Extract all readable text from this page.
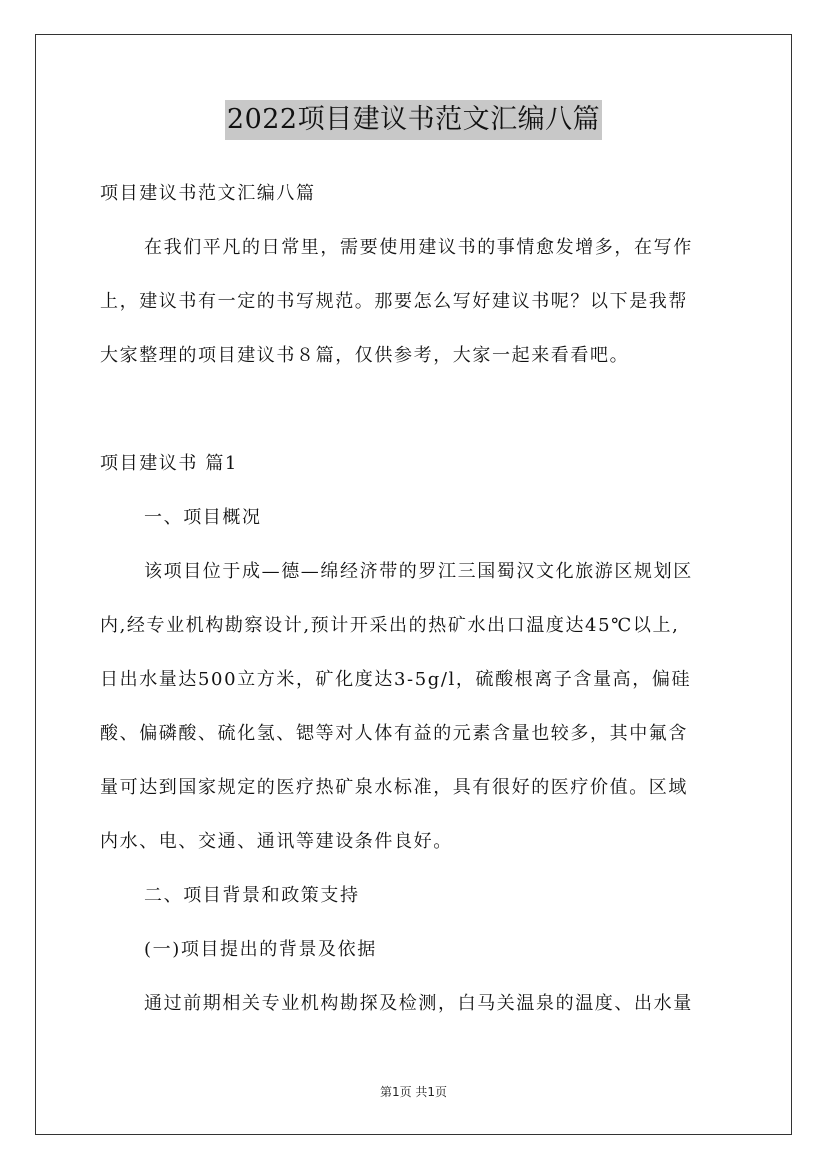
2022项目建议书范文汇编八篇

项目建议书范文汇编八篇

在我们平凡的日常里，需要使用建议书的事情愈发增多，在写作

上，建议书有一定的书写规范。那要怎么写好建议书呢？以下是我帮

大家整理的项目建议书８篇，仅供参考，大家一起来看看吧。

项目建议书 篇1

一、项目概况

该项目位于成—德—绵经济带的罗江三国蜀汉文化旅游区规划区

内,经专业机构勘察设计,预计开采出的热矿水出口温度达45℃以上,

日出水量达500立方米，矿化度达3-5g/l，硫酸根离子含量高，偏硅

酸、偏磷酸、硫化氢、锶等对人体有益的元素含量也较多，其中氟含

量可达到国家规定的医疗热矿泉水标准，具有很好的医疗价值。区域

内水、电、交通、通讯等建设条件良好。

二、项目背景和政策支持

(一)项目提出的背景及依据

通过前期相关专业机构勘探及检测，白马关温泉的温度、出水量

第1页 共1页
